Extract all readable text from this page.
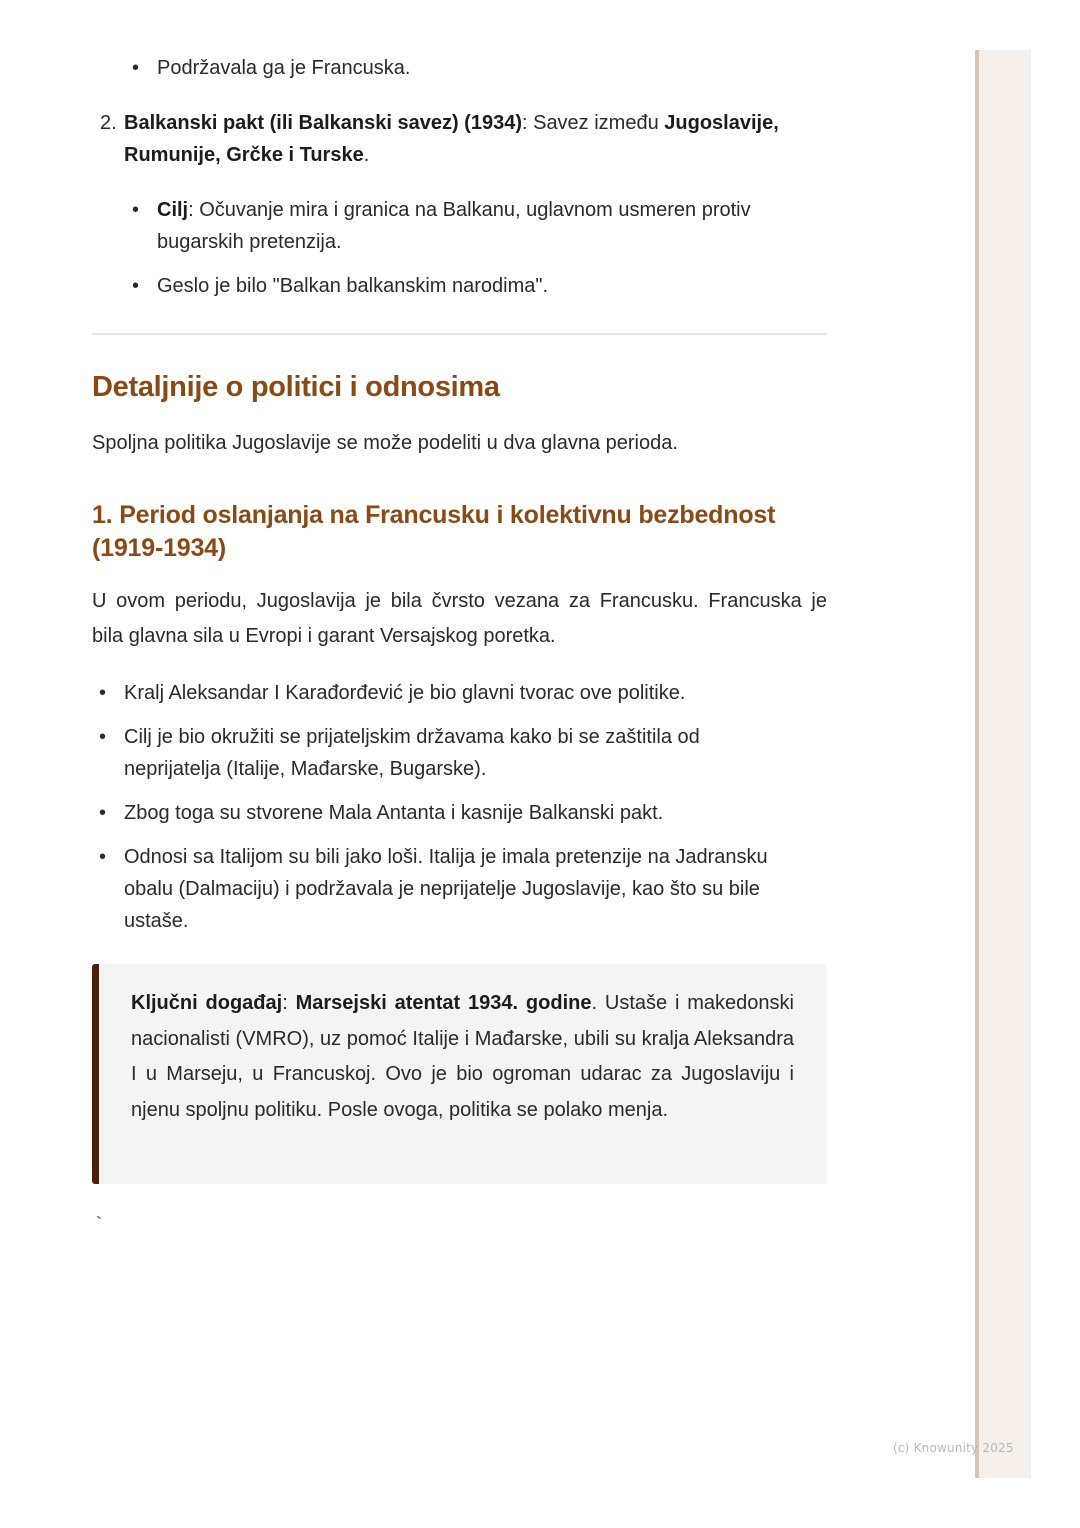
• Podržavala ga je Francuska.
2. Balkanski pakt (ili Balkanski savez) (1934): Savez između Jugoslavije,
Rumunije, Grčke i Turske.
• Cilj: Očuvanje mira i granica na Balkanu, uglavnom usmeren protiv
bugarskih pretenzija.
• Geslo je bilo "Balkan balkanskim narodima".
Detaljnije o politici i odnosima
Spoljna politika Jugoslavije se može podeliti u dva glavna perioda.
1. Period oslanjanja na Francusku i kolektivnu bezbednost
(1919-1934)
U ovom periodu, Jugoslavija je bila čvrsto vezana za Francusku. Francuska je
bila glavna sila u Evropi i garant Versajskog poretka.
• Kralj Aleksandar I Karađorđević je bio glavni tvorac ove politike.
• Cilj je bio okružiti se prijateljskim državama kako bi se zaštitila od
neprijatelja (Italije, Mađarske, Bugarske).
• Zbog toga su stvorene Mala Antanta i kasnije Balkanski pakt.
• Odnosi sa Italijom su bili jako loši. Italija je imala pretenzije na Jadransku
obalu (Dalmaciju) i podržavala je neprijatelje Jugoslavije, kao što su bile
ustaše.
Ključni događaj: Marsejski atentat 1934. godine. Ustaše i makedonski nacionalisti (VMRO), uz pomoć Italije i Mađarske, ubili su kralja Aleksandra I u Marseju, u Francuskoj. Ovo je bio ogroman udarac za Jugoslaviju i njenu spoljnu politiku. Posle ovoga, politika se polako menja.
`
(c) Knowunity 2025
